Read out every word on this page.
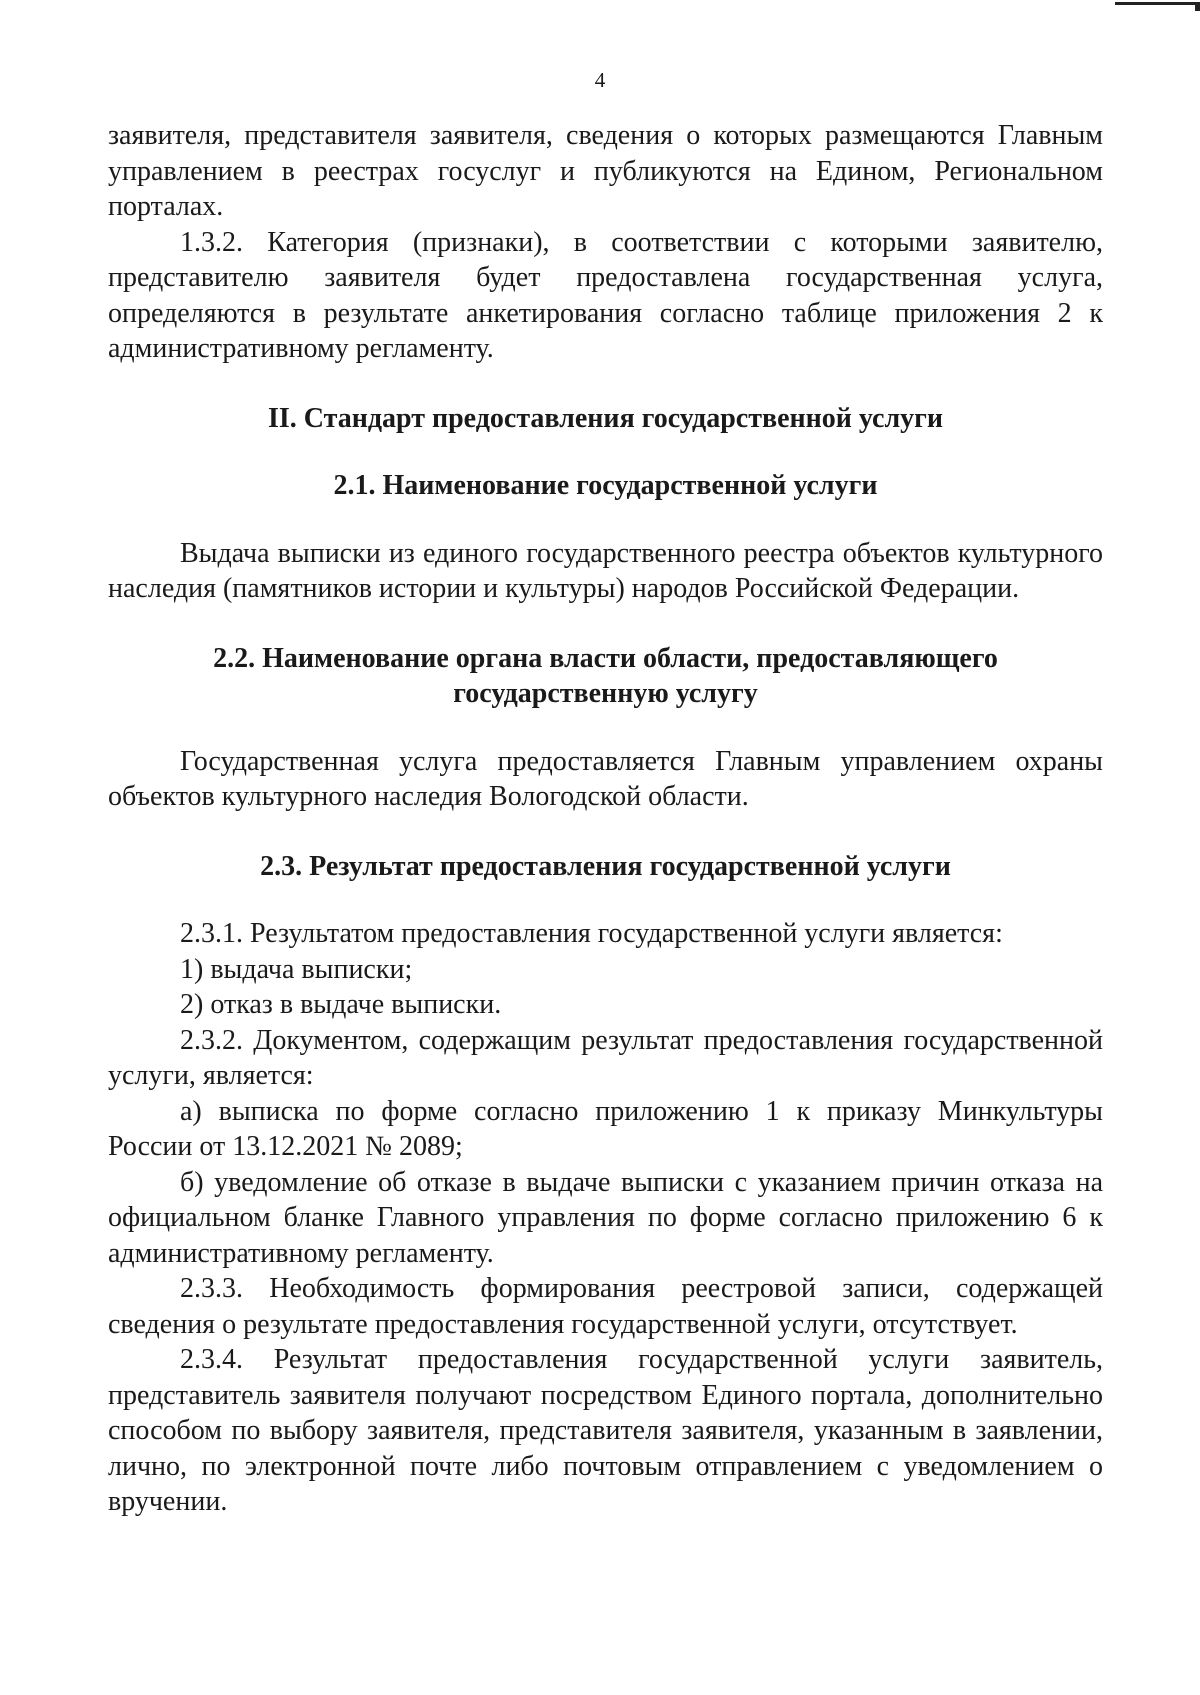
4

заявителя, представителя заявителя, сведения о которых размещаются Главным управлением в реестрах госуслуг и публикуются на Едином, Региональном порталах.

1.3.2. Категория (признаки), в соответствии с которыми заявителю, представителю заявителя будет предоставлена государственная услуга, определяются в результате анкетирования согласно таблице приложения 2 к административному регламенту.

II. Стандарт предоставления государственной услуги

2.1. Наименование государственной услуги

Выдача выписки из единого государственного реестра объектов культурного наследия (памятников истории и культуры) народов Российской Федерации.

2.2. Наименование органа власти области, предоставляющего

государственную услугу

Государственная услуга предоставляется Главным управлением охраны объектов культурного наследия Вологодской области.

2.3. Результат предоставления государственной услуги

2.3.1. Результатом предоставления государственной услуги является:

1) выдача выписки;

2) отказ в выдаче выписки.

2.3.2. Документом, содержащим результат предоставления государственной услуги, является:

а) выписка по форме согласно приложению 1 к приказу Минкультуры России от 13.12.2021 № 2089;

б) уведомление об отказе в выдаче выписки с указанием причин отказа на официальном бланке Главного управления по форме согласно приложению 6 к административному регламенту.

2.3.3. Необходимость формирования реестровой записи, содержащей сведения о результате предоставления государственной услуги, отсутствует.

2.3.4. Результат предоставления государственной услуги заявитель, представитель заявителя получают посредством Единого портала, дополнительно способом по выбору заявителя, представителя заявителя, указанным в заявлении, лично, по электронной почте либо почтовым отправлением с уведомлением о вручении.
